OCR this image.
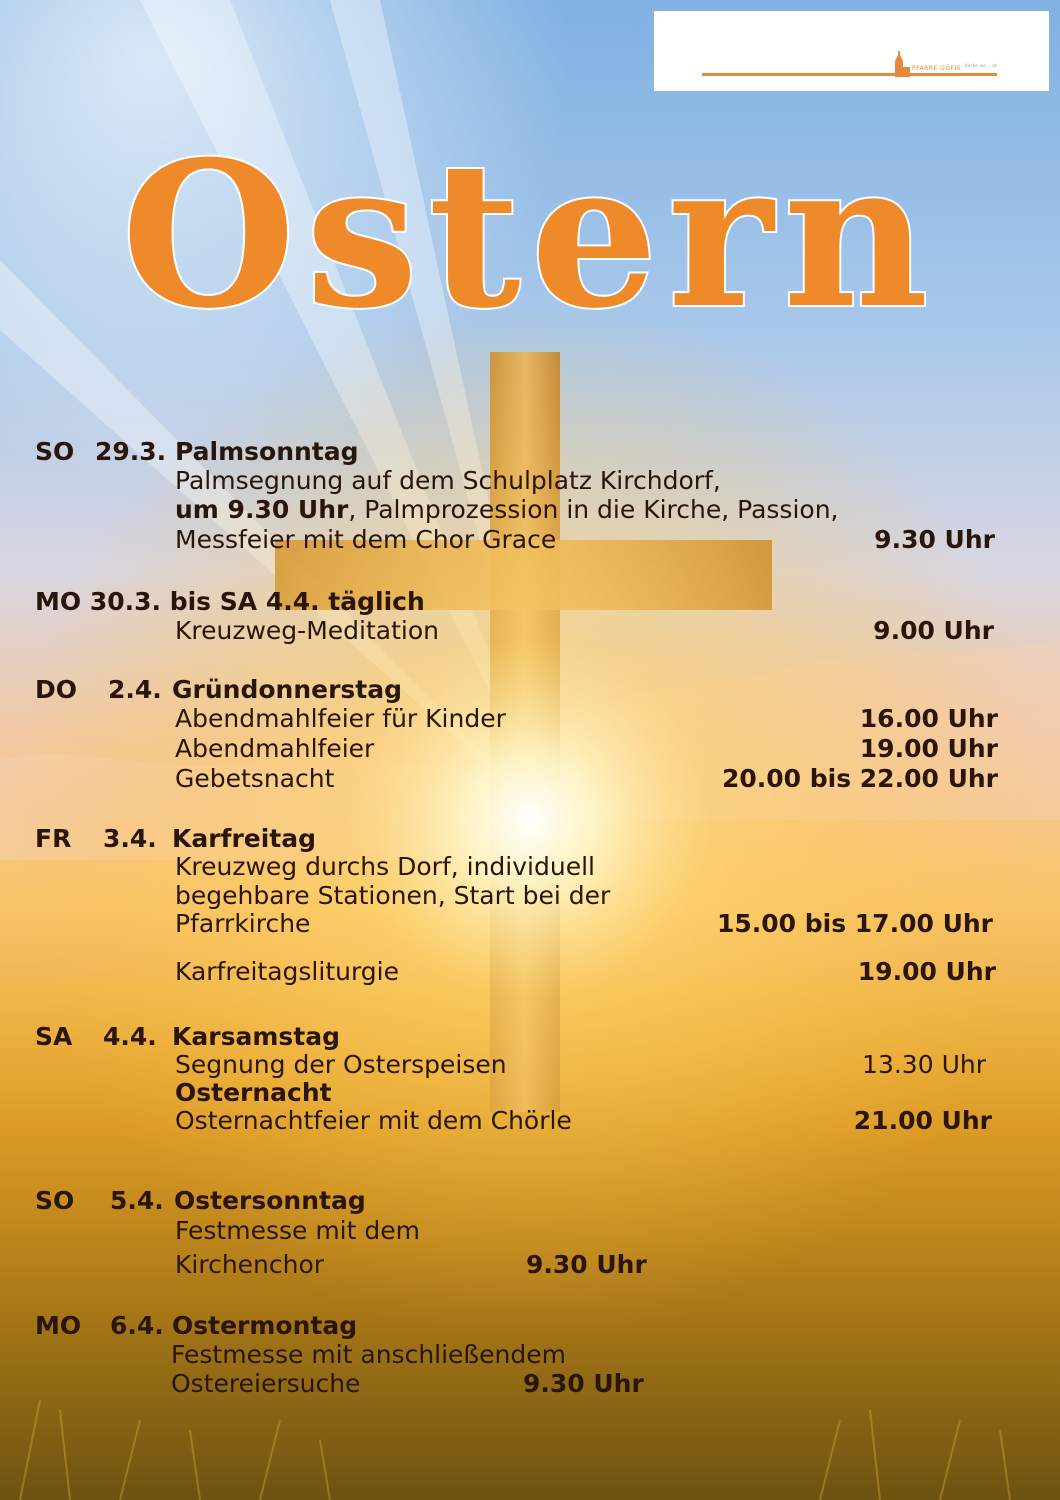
PFARRE GÖFIS
... Kirche, wo ... ist
Ostern
SO 29.3. Palmsonntag
Palmsegnung auf dem Schulplatz Kirchdorf,
um 9.30 Uhr, Palmprozession in die Kirche, Passion,
Messfeier mit dem Chor Grace	9.30 Uhr
MO 30.3. bis SA 4.4. täglich
Kreuzweg-Meditation	9.00 Uhr
DO 2.4. Gründonnerstag
Abendmahlfeier für Kinder	16.00 Uhr
Abendmahlfeier	19.00 Uhr
Gebetsnacht	20.00 bis 22.00 Uhr
FR 3.4. Karfreitag
Kreuzweg durchs Dorf, individuell
begehbare Stationen, Start bei der
Pfarrkirche	15.00 bis 17.00 Uhr
Karfreitagsliturgie	19.00 Uhr
SA 4.4. Karsamstag
Segnung der Osterspeisen	13.30 Uhr
Osternacht
Osternachtfeier mit dem Chörle	21.00 Uhr
SO 5.4. Ostersonntag
Festmesse mit dem
Kirchenchor	9.30 Uhr
MO 6.4. Ostermontag
Festmesse mit anschließendem
Ostereiersuche	9.30 Uhr
